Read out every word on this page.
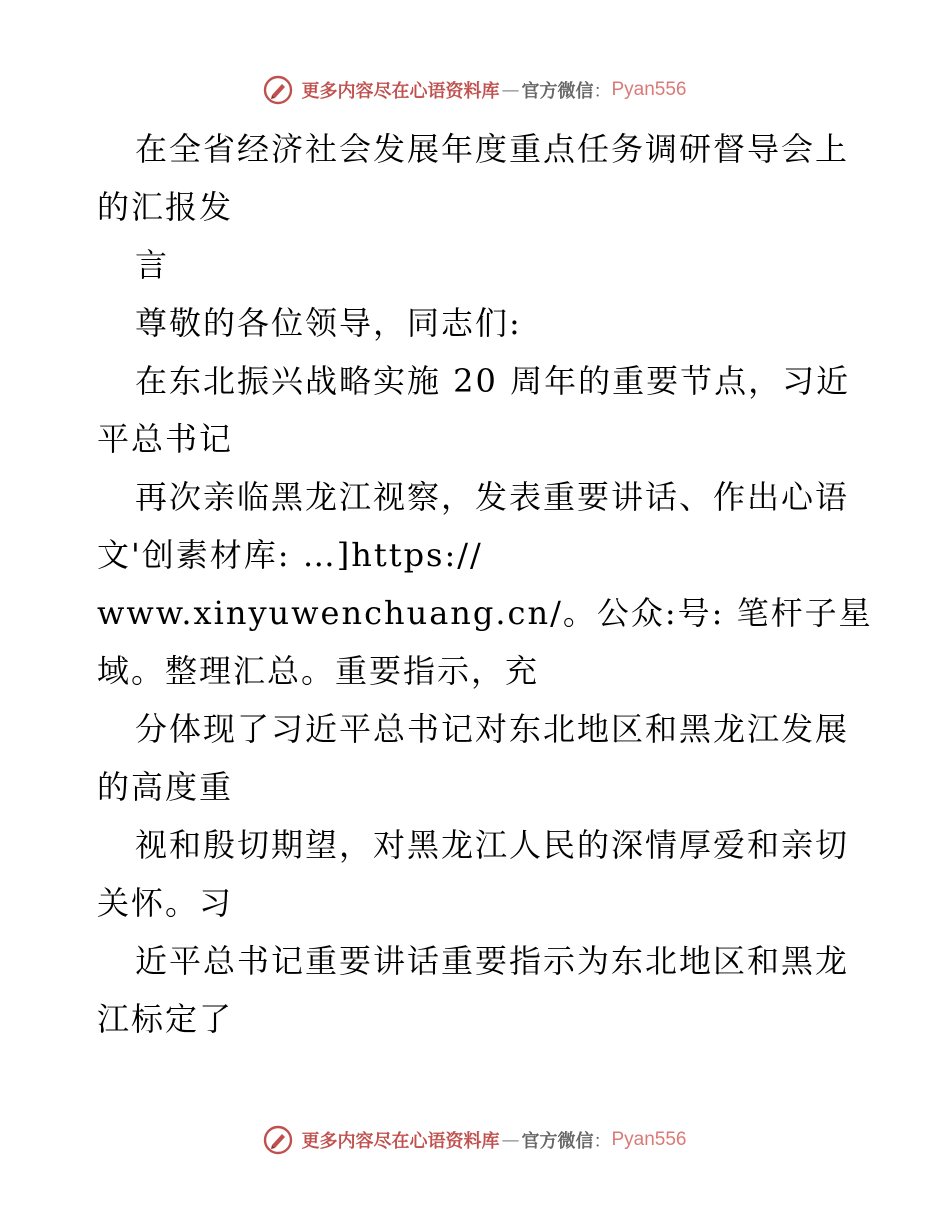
更多内容尽在心语资料库 — 官方微信 ： Pyan556

在全省经济社会发展年度重点任务调研督导会上

的汇报发

言

尊敬的各位领导，同志们:

在东北振兴战略实施 20 周年的重要节点，习近

平总书记

再次亲临黑龙江视察，发表重要讲话、作出心语

文'创素材库: …]https://

www.xinyuwenchuang.cn/。公众:号: 笔杆子星

域。整理汇总。重要指示，充

分体现了习近平总书记对东北地区和黑龙江发展

的高度重

视和殷切期望，对黑龙江人民的深情厚爱和亲切

关怀。习

近平总书记重要讲话重要指示为东北地区和黑龙

江标定了

更多内容尽在心语资料库 — 官方微信 ： Pyan556
